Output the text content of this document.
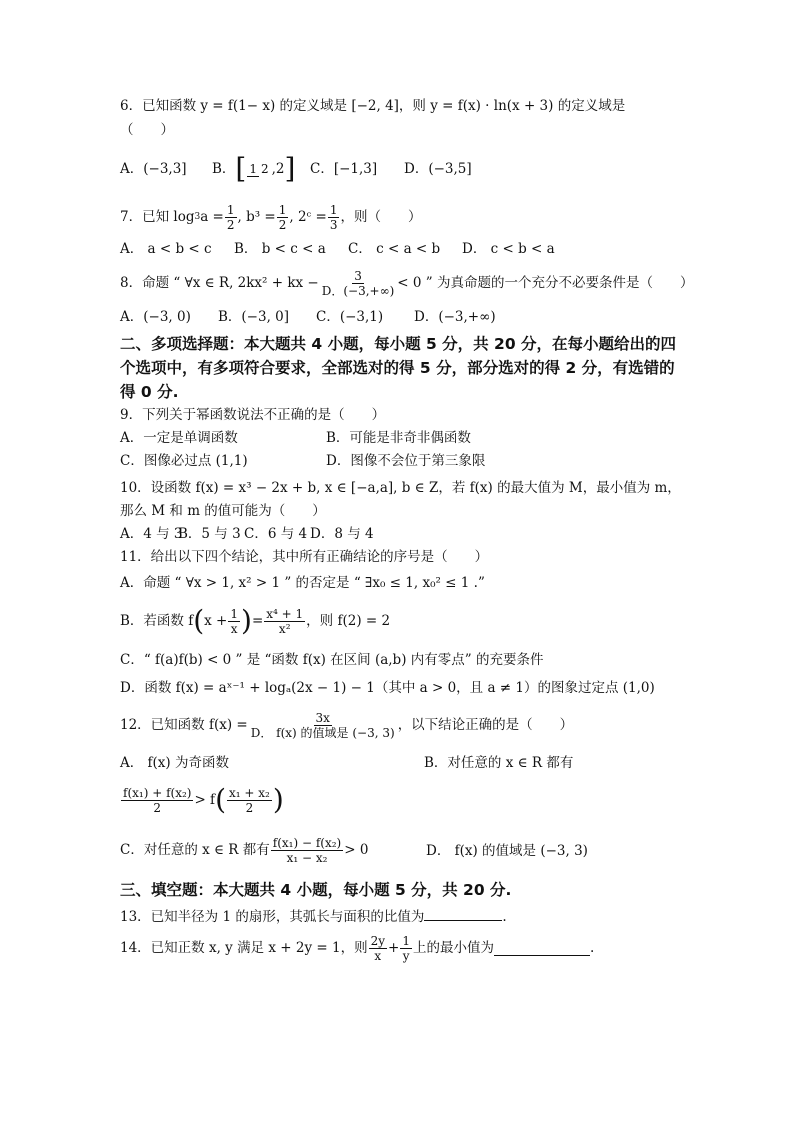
6．已知函数 y = f(1− x) 的定义域是 [−2, 4]，则 y = f(x) · ln(x + 3) 的定义域是
（　　）
A．(−3,3]	B．[ 1 2 ,2]	C．[−1,3]	D．(−3,5]
7．已知 log 3 $a = \frac{1}{2}$ , $b^3 = \frac{1}{2}$ , 2ᶜ = $\frac{1}{3}$ ，则（　　）
A． a < b < c B． b < c < a C． c < a < b D． c < b < a
8．命题 “ ∀x ∈ R, 2kx² + kx − $\frac{3}{D.(-3,+\infty)} < 0$ ” 为真命题的一个充分不必要条件是（　　）
A．(−3, 0) B．(−3, 0] C．(−3,1) D．(−3,+∞)
二、多项选择题：本大题共 4 小题，每小题 5 分，共 20 分，在每小题给出的四个选项中，有多项符合要求，全部选对的得 5 分，部分选对的得 2 分，有选错的得 0 分.
9．下列关于幂函数说法不正确的是（　　）
A．一定是单调函数	B．可能是非奇非偶函数
C．图像必过点 (1,1)	D．图像不会位于第三象限
10．设函数 f(x) = x³ − 2x + b, x ∈ [−a,a], b ∈ Z，若 f(x) 的最大值为 M，最小值为 m，
那么 M 和 m 的值可能为（　　）
A．4 与 3B．5 与 3 C．6 与 4 D．8 与 4
11．给出以下四个结论，其中所有正确结论的序号是（　　）
A．命题 “ ∀x > 1, x² > 1 ” 的否定是 “ ∃x₀ ≤ 1, x₀² ≤ 1 .”
B．若函数 f ( $x + \frac{1}{x}$ ) = $\frac{\text{x⁴ + 1}}{\text{x²}}$ ，则 f(2) = 2
C．“ f(a)f(b) < 0 ” 是 “函数 f(x) 在区间 (a,b) 内有零点” 的充要条件
D．函数 f(x) = aˣ⁻¹ + logₐ(2x − 1) − 1（其中 a > 0，且 a ≠ 1）的图象过定点 (1,0)
12．已知函数 $f(x) = \frac{3x}{\text{D． f(x) 的值域是 (−3, 3)}}$ ，以下结论正确的是（　　）
A． f(x) 为奇函数	B．对任意的 x ∈ R 都有
$\frac{\text{f(x₁) + f(x₂)}}{2} > f$ ( $\frac{\text{x₁ + x₂}}{2}$ )
C．对任意的 x ∈ R 都有 $\frac{\text{f(x₁) − f(x₂)}}{\text{x₁ − x₂}} > 0$	D． f(x) 的值域是 (−3, 3)
三、填空题：本大题共 4 小题，每小题 5 分，共 20 分.
13．已知半径为 1 的扇形，其弧长与面积的比值为	.
14．已知正数 x, y 满足 x + 2y = 1，则 $\frac{2y}{x} + \frac{1}{y}$ 上的最小值为	.
